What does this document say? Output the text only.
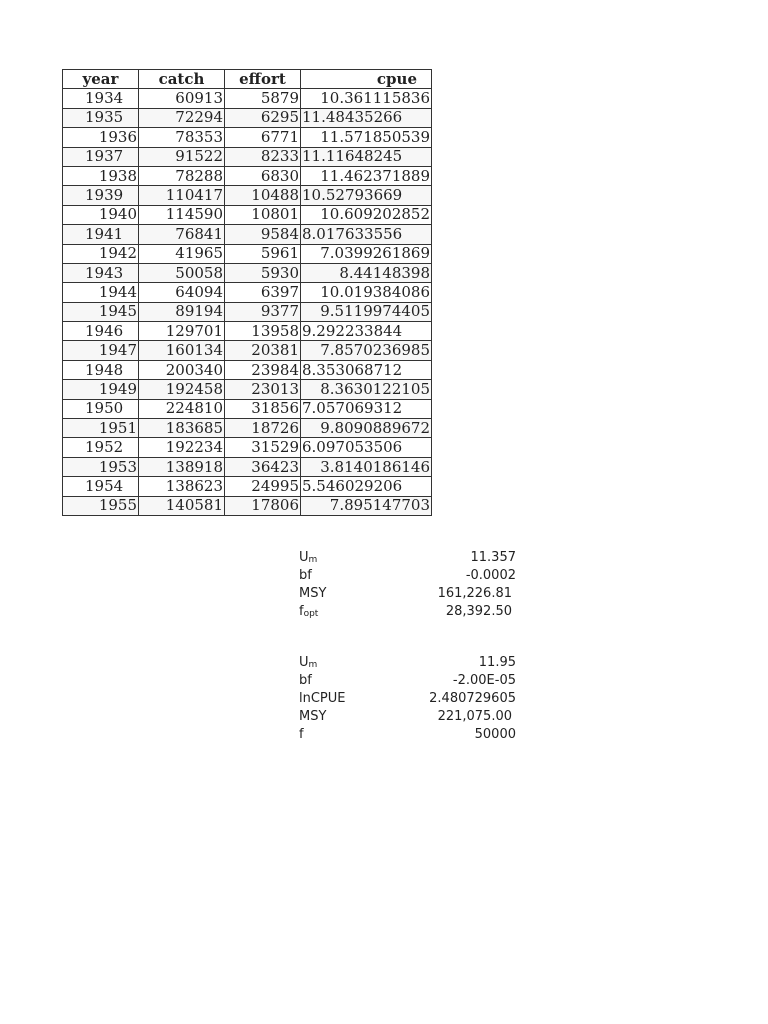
year	catch	effort	cpue
1934	60913	5879	10.361115836
1935	72294	6295	11.48435266
1936	78353	6771	11.571850539
1937	91522	8233	11.11648245
1938	78288	6830	11.462371889
1939	110417	10488	10.52793669
1940	114590	10801	10.609202852
1941	76841	9584	8.017633556
1942	41965	5961	7.0399261869
1943	50058	5930	8.44148398
1944	64094	6397	10.019384086
1945	89194	9377	9.5119974405
1946	129701	13958	9.292233844
1947	160134	20381	7.8570236985
1948	200340	23984	8.353068712
1949	192458	23013	8.3630122105
1950	224810	31856	7.057069312
1951	183685	18726	9.8090889672
1952	192234	31529	6.097053506
1953	138918	36423	3.8140186146
1954	138623	24995	5.546029206
1955	140581	17806	7.895147703
Um	11.357
bf	-0.0002
MSY	161,226.81
fopt	28,392.50
Um	11.95
bf	-2.00E-05
lnCPUE	2.480729605
MSY	221,075.00
f	50000
